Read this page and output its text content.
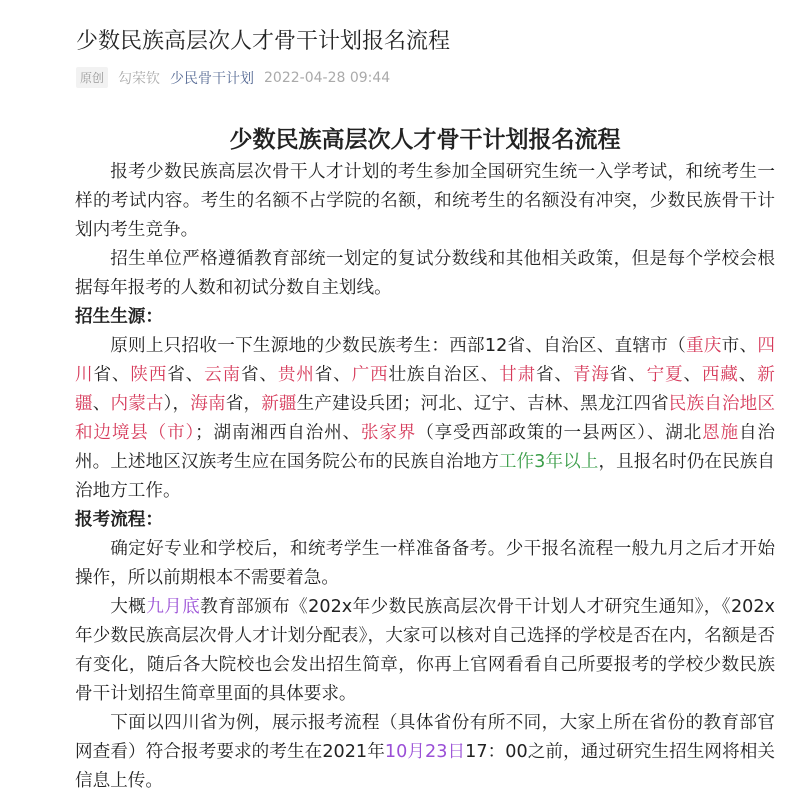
少数民族高层次人才骨干计划报名流程
原创 勾荣钦 少民骨干计划 2022-04-28 09:44
少数民族高层次人才骨干计划报名流程

报考少数民族高层次骨干人才计划的考生参加全国研究生统一入学考试，和统考生一样的考试内容。考生的名额不占学院的名额，和统考生的名额没有冲突，少数民族骨干计划内考生竞争。

招生单位严格遵循教育部统一划定的复试分数线和其他相关政策，但是每个学校会根据每年报考的人数和初试分数自主划线。

招生生源：

原则上只招收一下生源地的少数民族考生：西部12省、自治区、直辖市（重庆市、四川省、陕西省、云南省、贵州省、广西壮族自治区、甘肃省、青海省、宁夏、西藏、新疆、内蒙古），海南省，新疆生产建设兵团；河北、辽宁、吉林、黑龙江四省民族自治地区和边境县（市）；湖南湘西自治州、张家界（享受西部政策的一县两区）、湖北恩施自治州。上述地区汉族考生应在国务院公布的民族自治地方工作3年以上，且报名时仍在民族自治地方工作。

报考流程：

确定好专业和学校后，和统考学生一样准备备考。少干报名流程一般九月之后才开始操作，所以前期根本不需要着急。

大概九月底教育部颁布《202x年少数民族高层次骨干计划人才研究生通知》，《202x年少数民族高层次骨人才计划分配表》，大家可以核对自己选择的学校是否在内，名额是否有变化，随后各大院校也会发出招生简章，你再上官网看看自己所要报考的学校少数民族骨干计划招生简章里面的具体要求。

下面以四川省为例，展示报考流程（具体省份有所不同，大家上所在省份的教育部官网查看）符合报考要求的考生在2021年10月23日17：00之前，通过研究生招生网将相关信息上传。
